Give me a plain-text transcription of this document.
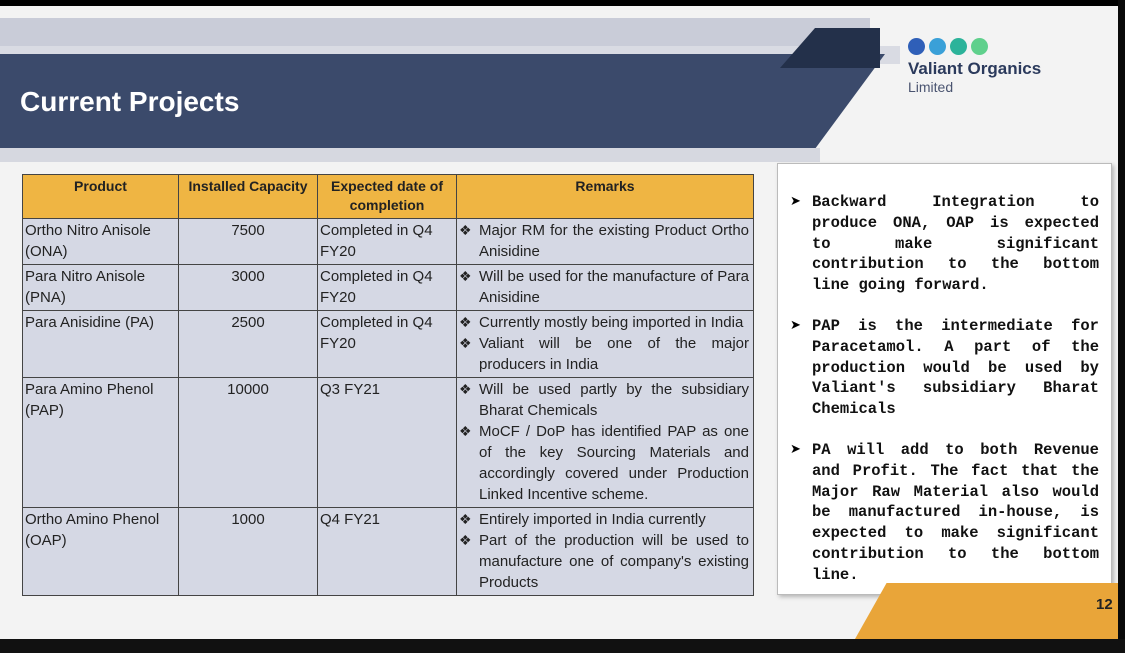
Current Projects
Valiant Organics
Limited
Product	Installed Capacity	Expected date of completion	Remarks
Ortho Nitro Anisole (ONA)	7500	Completed in Q4 FY20	❖ Major RM for the existing Product Ortho Anisidine

Para Nitro Anisole (PNA)	3000	Completed in Q4 FY20	❖ Will be used for the manufacture of Para Anisidine

Para Anisidine (PA)	2500	Completed in Q4 FY20	❖ Currently mostly being imported in India
❖ Valiant will be one of the major producers in India

Para Amino Phenol (PAP)	10000	Q3 FY21	❖ Will be used partly by the subsidiary Bharat Chemicals
❖ MoCF / DoP has identified PAP as one of the key Sourcing Materials and accordingly covered under Production Linked Incentive scheme.

Ortho Amino Phenol (OAP)	1000	Q4 FY21	❖ Entirely imported in India currently
❖ Part of the production will be used to manufacture one of company's existing Products
➤ Backward Integration to produce ONA, OAP is expected to make significant contribution to the bottom line going forward.
➤ PAP is the intermediate for Paracetamol. A part of the production would be used by Valiant's subsidiary Bharat Chemicals
➤ PA will add to both Revenue and Profit. The fact that the Major Raw Material also would be manufactured in-house, is expected to make significant contribution to the bottom line.
12
